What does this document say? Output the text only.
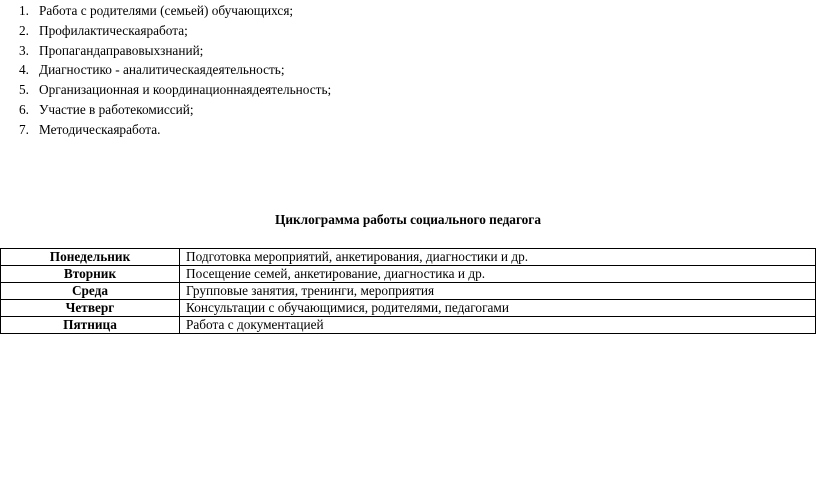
1. Работа с родителями (семьей) обучающихся;
2. Профилактическаяработа;
3. Пропагандаправовыхзнаний;
4. Диагностико - аналитическаядеятельность;
5. Организационная и координационнаядеятельность;
6. Участие в работекомиссий;
7. Методическаяработа.
Циклограмма работы социального педагога
Понедельник	Подготовка мероприятий, анкетирования, диагностики и др.
Вторник	Посещение семей, анкетирование, диагностика и др.
Среда	Групповые занятия, тренинги, мероприятия
Четверг	Консультации с обучающимися, родителями, педагогами
Пятница	Работа с документацией
